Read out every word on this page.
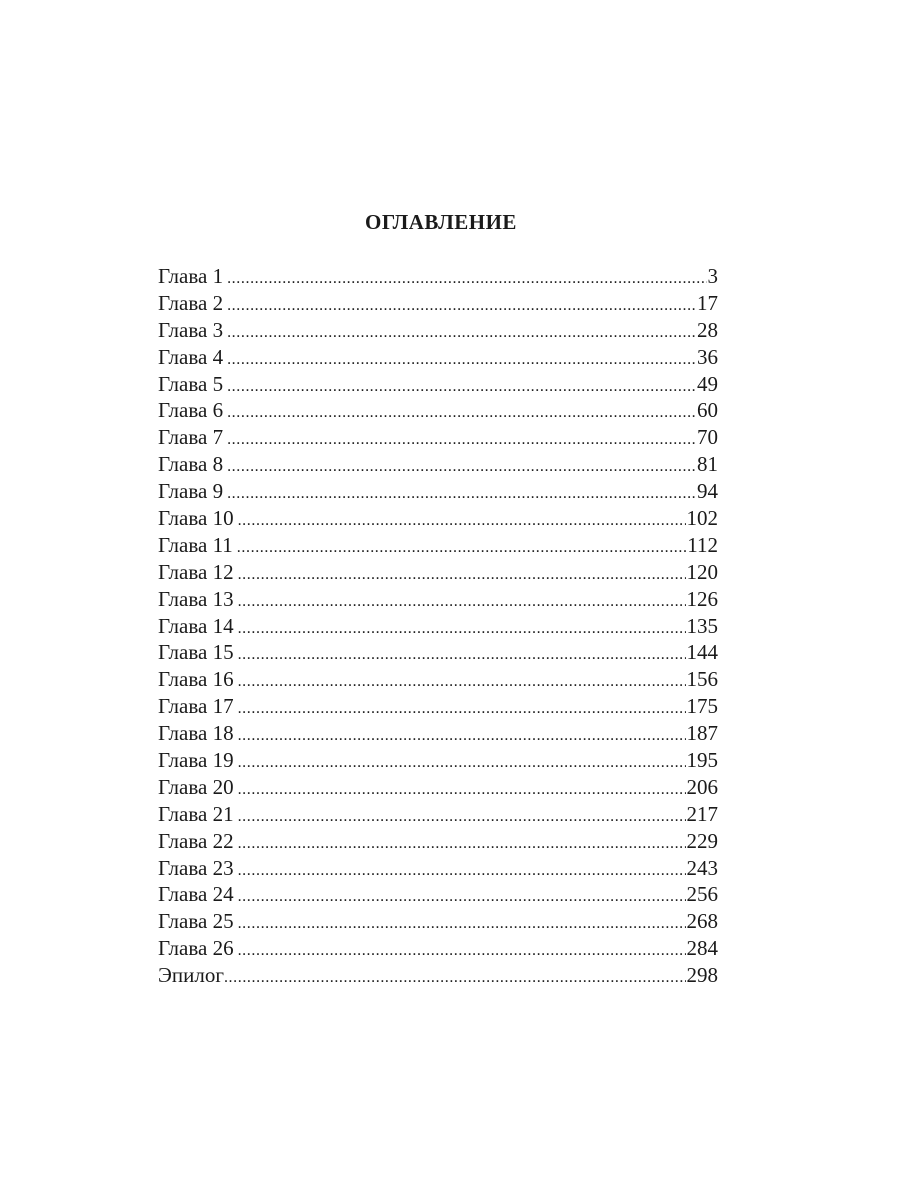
ОГЛАВЛЕНИЕ
Глава 1 .....	3
Глава 2 .....	17
Глава 3 .....	28
Глава 4 .....	36
Глава 5 .....	49
Глава 6 .....	60
Глава 7 .....	70
Глава 8 .....	81
Глава 9 .....	94
Глава 10 .....	102
Глава 11 .....	112
Глава 12 .....	120
Глава 13 .....	126
Глава 14 .....	135
Глава 15 .....	144
Глава 16 .....	156
Глава 17 .....	175
Глава 18 .....	187
Глава 19 .....	195
Глава 20 .....	206
Глава 21 .....	217
Глава 22 .....	229
Глава 23 .....	243
Глава 24 .....	256
Глава 25 .....	268
Глава 26 .....	284
Эпилог .....	298
